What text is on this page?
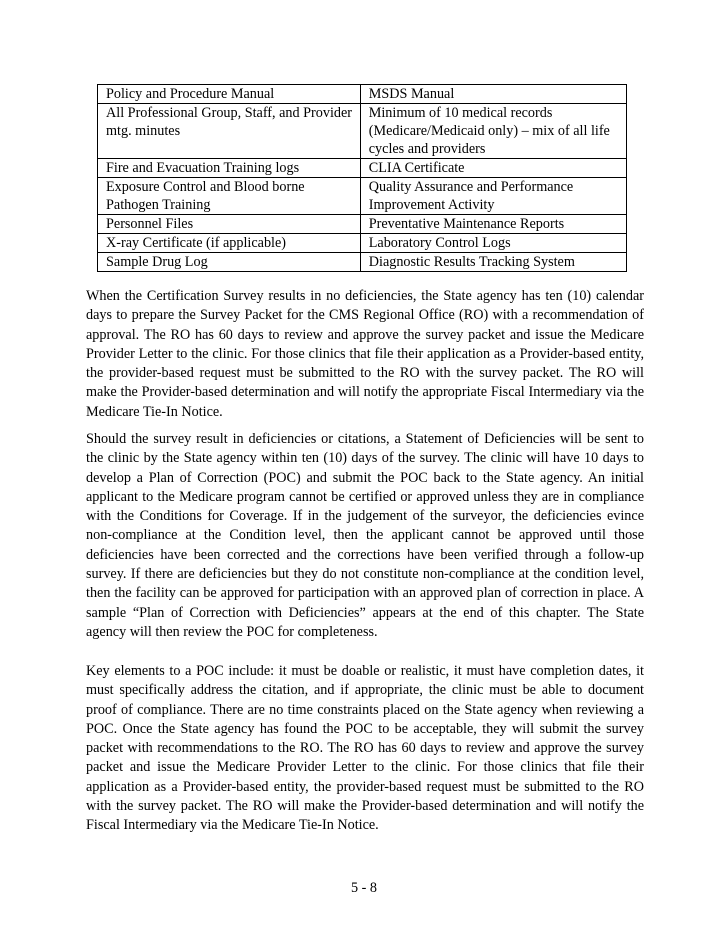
Policy and Procedure Manual	MSDS Manual
All Professional Group, Staff, and Provider mtg. minutes	Minimum of 10 medical records (Medicare/Medicaid only) – mix of all life cycles and providers
Fire and Evacuation Training logs	CLIA Certificate
Exposure Control and Blood borne Pathogen Training	Quality Assurance and Performance Improvement Activity
Personnel Files	Preventative Maintenance Reports
X-ray Certificate (if applicable)	Laboratory Control Logs
Sample Drug Log	Diagnostic Results Tracking System

When the Certification Survey results in no deficiencies, the State agency has ten (10) calendar days to prepare the Survey Packet for the CMS Regional Office (RO) with a recommendation of approval. The RO has 60 days to review and approve the survey packet and issue the Medicare Provider Letter to the clinic. For those clinics that file their application as a Provider-based entity, the provider-based request must be submitted to the RO with the survey packet. The RO will make the Provider-based determination and will notify the appropriate Fiscal Intermediary via the Medicare Tie-In Notice.

Should the survey result in deficiencies or citations, a Statement of Deficiencies will be sent to the clinic by the State agency within ten (10) days of the survey. The clinic will have 10 days to develop a Plan of Correction (POC) and submit the POC back to the State agency. An initial applicant to the Medicare program cannot be certified or approved unless they are in compliance with the Conditions for Coverage. If in the judgement of the surveyor, the deficiencies evince non-compliance at the Condition level, then the applicant cannot be approved until those deficiencies have been corrected and the corrections have been verified through a follow-up survey. If there are deficiencies but they do not constitute non-compliance at the condition level, then the facility can be approved for participation with an approved plan of correction in place. A sample “Plan of Correction with Deficiencies” appears at the end of this chapter. The State agency will then review the POC for completeness.

Key elements to a POC include: it must be doable or realistic, it must have completion dates, it must specifically address the citation, and if appropriate, the clinic must be able to document proof of compliance. There are no time constraints placed on the State agency when reviewing a POC. Once the State agency has found the POC to be acceptable, they will submit the survey packet with recommendations to the RO. The RO has 60 days to review and approve the survey packet and issue the Medicare Provider Letter to the clinic. For those clinics that file their application as a Provider-based entity, the provider-based request must be submitted to the RO with the survey packet. The RO will make the Provider-based determination and will notify the Fiscal Intermediary via the Medicare Tie-In Notice.

5 - 8
